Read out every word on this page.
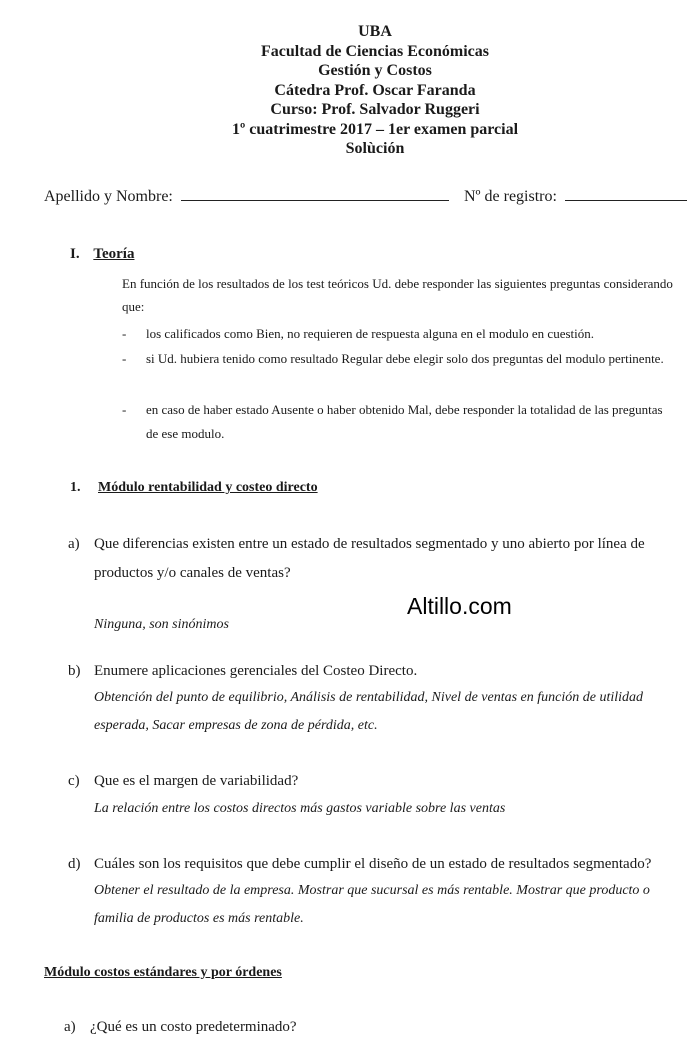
UBA
Facultad de Ciencias Económicas
Gestión y Costos
Cátedra Prof. Oscar Faranda
Curso: Prof. Salvador Ruggeri
1º cuatrimestre 2017 – 1er examen parcial
Solùción
Apellido y Nombre:	Nº de registro:
I. Teoría
En función de los resultados de los test teóricos Ud. debe responder las siguientes preguntas considerando que:
- los calificados como Bien, no requieren de respuesta alguna en el modulo en cuestión.
- si Ud. hubiera tenido como resultado Regular debe elegir solo dos preguntas del modulo pertinente.
- en caso de haber estado Ausente o haber obtenido Mal, debe responder la totalidad de las preguntas de ese modulo.
1. Módulo rentabilidad y costeo directo
a) Que diferencias existen entre un estado de resultados segmentado y uno abierto por línea de productos y/o canales de ventas?
Ninguna, son sinónimos
Altillo.com
b) Enumere aplicaciones gerenciales del Costeo Directo.
Obtención del punto de equilibrio, Análisis de rentabilidad, Nivel de ventas en función de utilidad esperada, Sacar empresas de zona de pérdida, etc.
c) Que es el margen de variabilidad?
La relación entre los costos directos más gastos variable sobre las ventas
d) Cuáles son los requisitos que debe cumplir el diseño de un estado de resultados segmentado?
Obtener el resultado de la empresa. Mostrar que sucursal es más rentable. Mostrar que producto o familia de productos es más rentable.
Módulo costos estándares y por órdenes
a) ¿Qué es un costo predeterminado?
